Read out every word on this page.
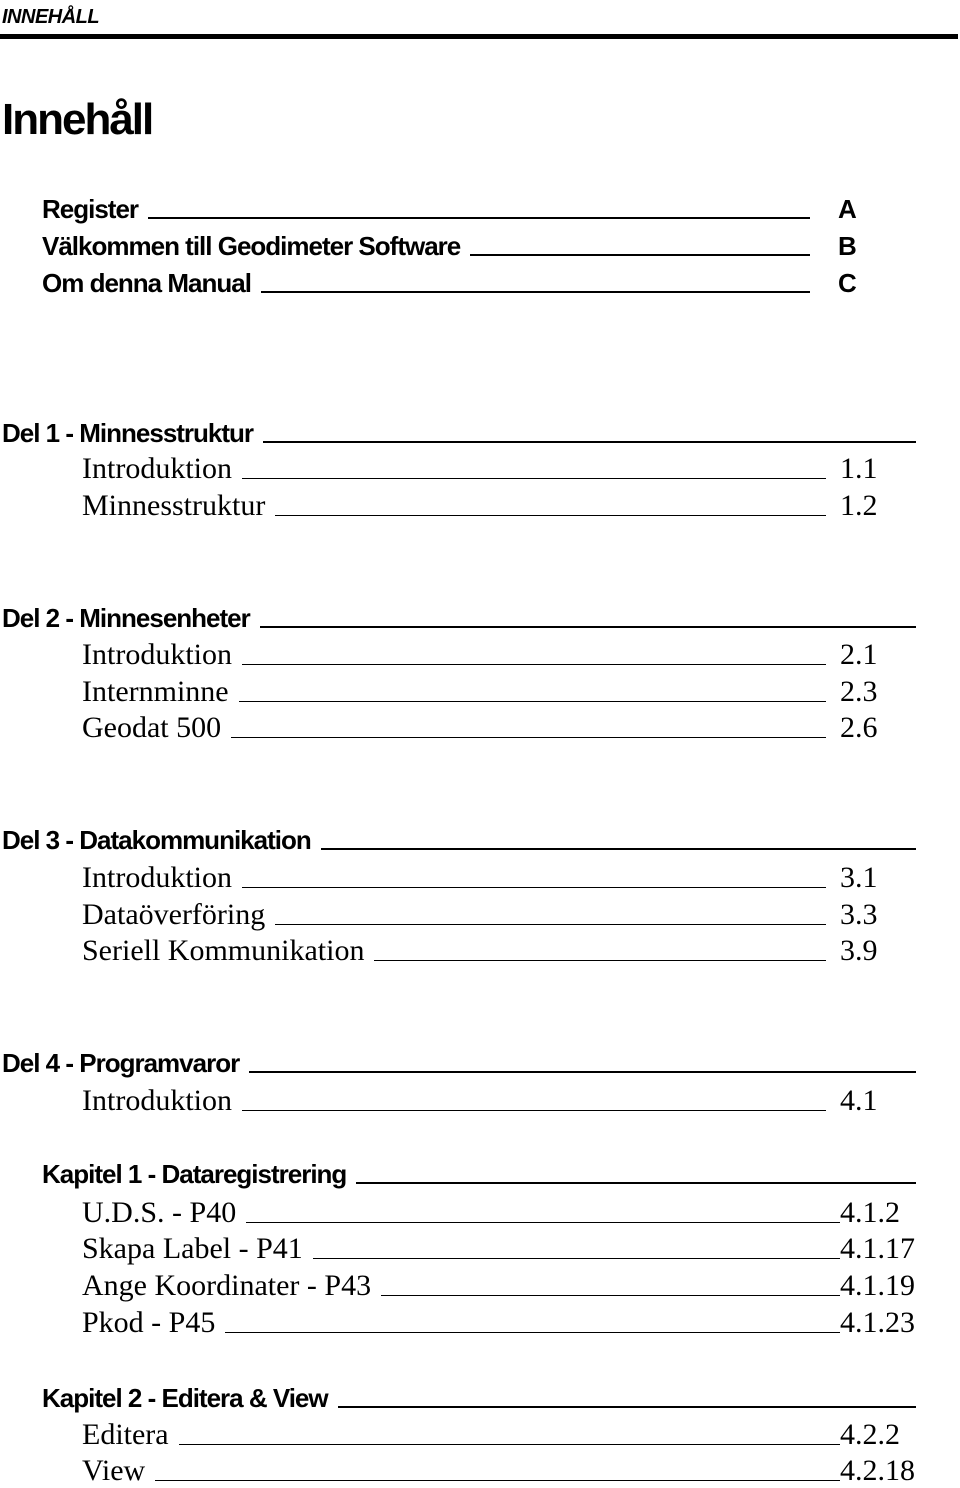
INNEHÅLL
Innehåll
Register	A
Välkommen till Geodimeter Software	B
Om denna Manual	C
Del 1 - Minnesstruktur
Introduktion	1.1
Minnesstruktur	1.2
Del 2 - Minnesenheter
Introduktion	2.1
Internminne	2.3
Geodat 500	2.6
Del 3 - Datakommunikation
Introduktion	3.1
Dataöverföring	3.3
Seriell Kommunikation	3.9
Del 4 - Programvaror
Introduktion	4.1
Kapitel 1 - Dataregistrering
U.D.S. - P40	4.1.2
Skapa Label - P41	4.1.17
Ange Koordinater - P43	4.1.19
Pkod - P45	4.1.23
Kapitel 2 - Editera & View
Editera	4.2.2
View	4.2.18
